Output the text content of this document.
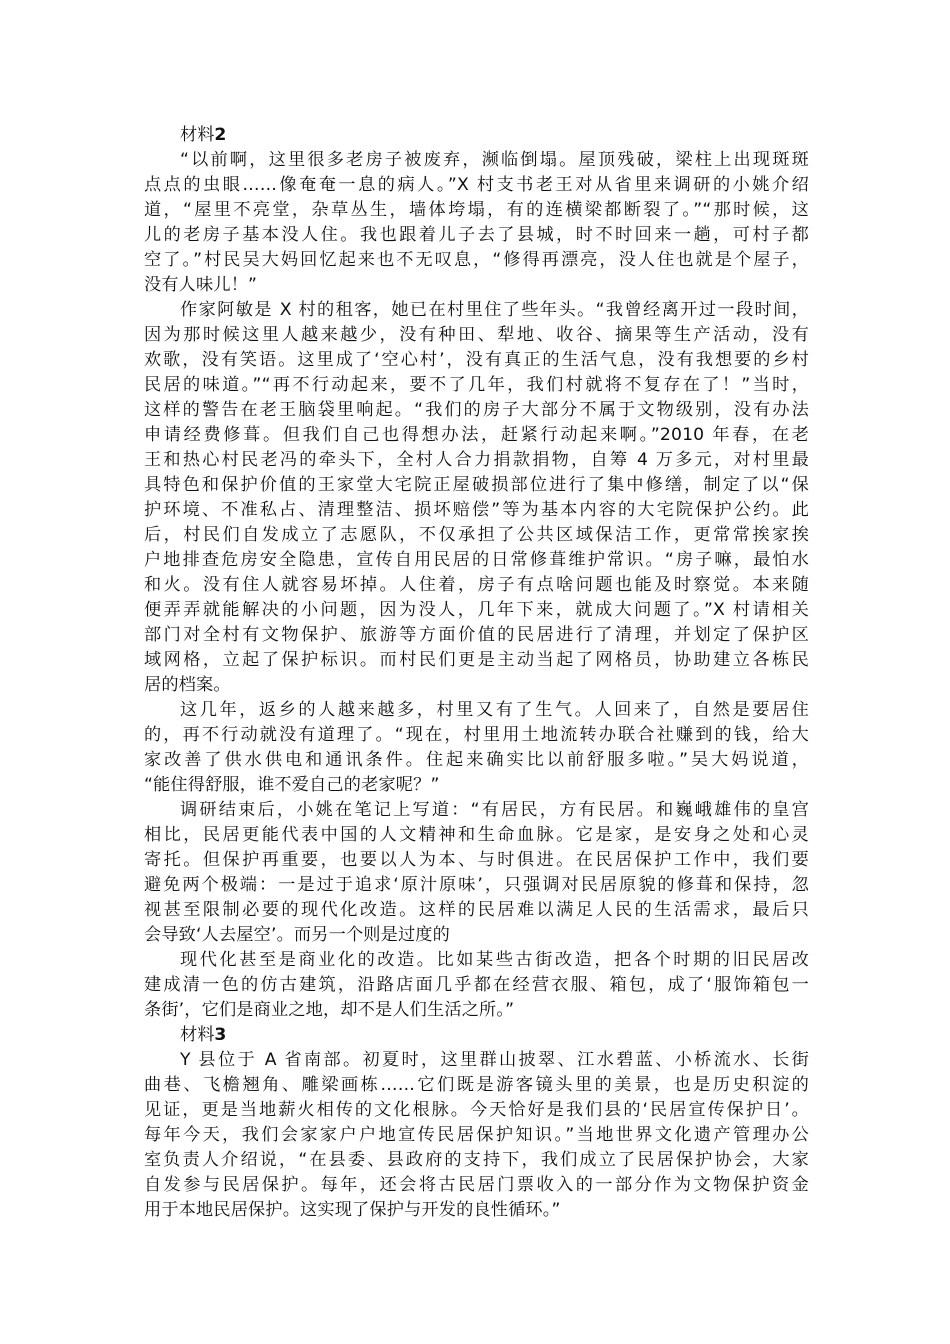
材料2
“以前啊，这里很多老房子被废弃，濒临倒塌。屋顶残破，梁柱上出现斑斑
点点的虫眼……像奄奄一息的病人。”X 村支书老王对从省里来调研的小姚介绍
道，“屋里不亮堂，杂草丛生，墙体垮塌，有的连横梁都断裂了。”“那时候，这
儿的老房子基本没人住。我也跟着儿子去了县城，时不时回来一趟，可村子都
空了。”村民吴大妈回忆起来也不无叹息，“修得再漂亮，没人住也就是个屋子，
没有人味儿！”
作家阿敏是 X 村的租客，她已在村里住了些年头。“我曾经离开过一段时间，
因为那时候这里人越来越少，没有种田、犁地、收谷、摘果等生产活动，没有
欢歌，没有笑语。这里成了‘空心村’，没有真正的生活气息，没有我想要的乡村
民居的味道。”“再不行动起来，要不了几年，我们村就将不复存在了！”当时，
这样的警告在老王脑袋里响起。“我们的房子大部分不属于文物级别，没有办法
申请经费修葺。但我们自己也得想办法，赶紧行动起来啊。”2010 年春，在老
王和热心村民老冯的牵头下，全村人合力捐款捐物，自筹 4 万多元，对村里最
具特色和保护价值的王家堂大宅院正屋破损部位进行了集中修缮，制定了以“保
护环境、不准私占、清理整洁、损坏赔偿”等为基本内容的大宅院保护公约。此
后，村民们自发成立了志愿队，不仅承担了公共区域保洁工作，更常常挨家挨
户地排查危房安全隐患，宣传自用民居的日常修葺维护常识。“房子嘛，最怕水
和火。没有住人就容易坏掉。人住着，房子有点啥问题也能及时察觉。本来随
便弄弄就能解决的小问题，因为没人，几年下来，就成大问题了。”X 村请相关
部门对全村有文物保护、旅游等方面价值的民居进行了清理，并划定了保护区
域网格，立起了保护标识。而村民们更是主动当起了网格员，协助建立各栋民
居的档案。
这几年，返乡的人越来越多，村里又有了生气。人回来了，自然是要居住
的，再不行动就没有道理了。“现在，村里用土地流转办联合社赚到的钱，给大
家改善了供水供电和通讯条件。住起来确实比以前舒服多啦。”吴大妈说道，
“能住得舒服，谁不爱自己的老家呢？”
调研结束后，小姚在笔记上写道：“有居民，方有民居。和巍峨雄伟的皇宫
相比，民居更能代表中国的人文精神和生命血脉。它是家，是安身之处和心灵
寄托。但保护再重要，也要以人为本、与时俱进。在民居保护工作中，我们要
避免两个极端：一是过于追求‘原汁原味’，只强调对民居原貌的修葺和保持，忽
视甚至限制必要的现代化改造。这样的民居难以满足人民的生活需求，最后只
会导致‘人去屋空’。而另一个则是过度的
现代化甚至是商业化的改造。比如某些古街改造，把各个时期的旧民居改
建成清一色的仿古建筑，沿路店面几乎都在经营衣服、箱包，成了‘服饰箱包一
条街’，它们是商业之地，却不是人们生活之所。”
材料3
Y 县位于 A 省南部。初夏时，这里群山披翠、江水碧蓝、小桥流水、长街
曲巷、飞檐翘角、雕梁画栋……它们既是游客镜头里的美景，也是历史积淀的
见证，更是当地薪火相传的文化根脉。今天恰好是我们县的‘民居宣传保护日’。
每年今天，我们会家家户户地宣传民居保护知识。”当地世界文化遗产管理办公
室负责人介绍说，“在县委、县政府的支持下，我们成立了民居保护协会，大家
自发参与民居保护。每年，还会将古民居门票收入的一部分作为文物保护资金
用于本地民居保护。这实现了保护与开发的良性循环。”
